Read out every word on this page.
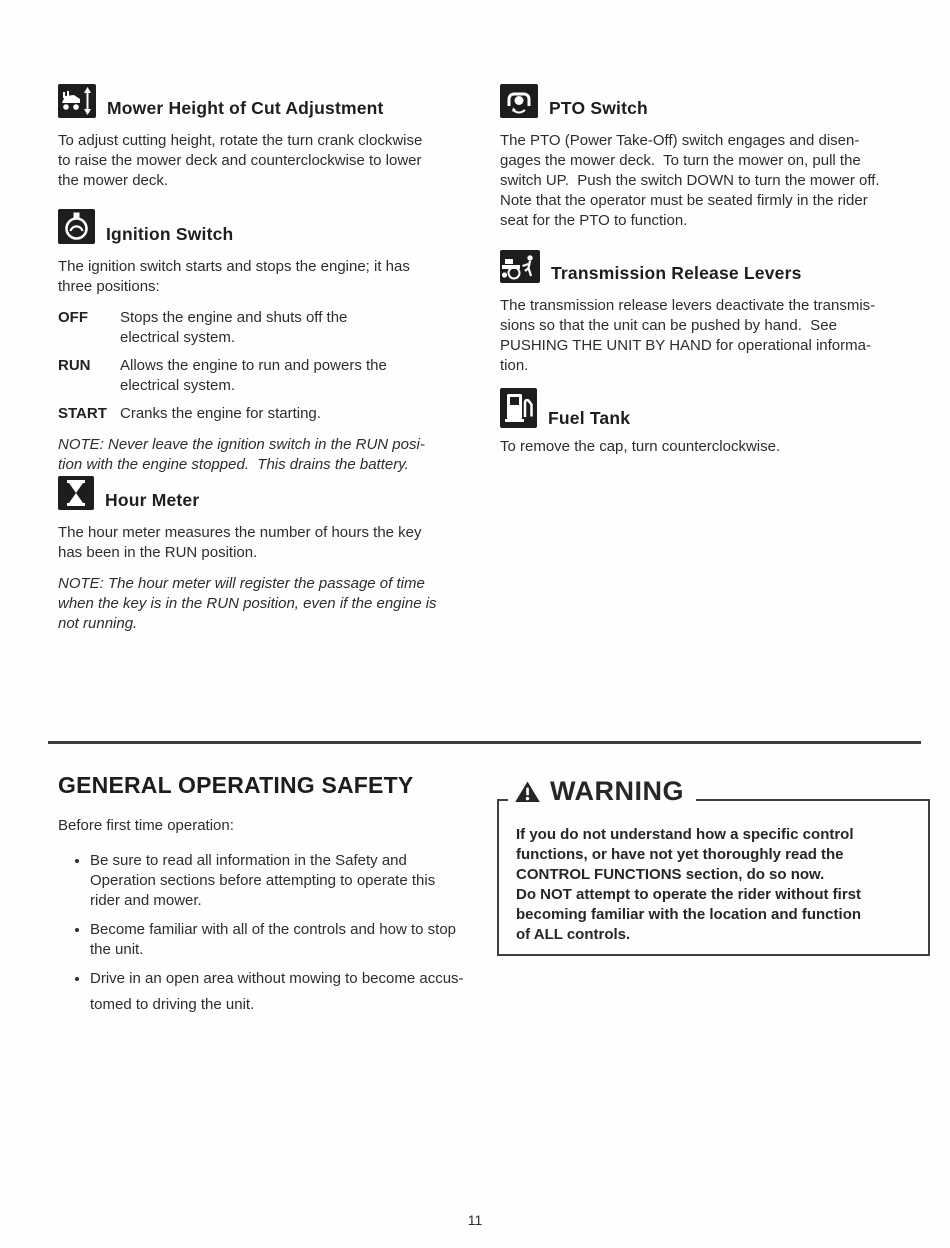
Mower Height of Cut Adjustment
To adjust cutting height, rotate the turn crank clockwise
to raise the mower deck and counterclockwise to lower
the mower deck.
Ignition Switch
The ignition switch starts and stops the engine; it has
three positions:
OFF	Stops the engine and shuts off the
electrical system.
RUN	Allows the engine to run and powers the
electrical system.
START Cranks the engine for starting.
NOTE: Never leave the ignition switch in the RUN posi-
tion with the engine stopped.  This drains the battery.
Hour Meter
The hour meter measures the number of hours the key
has been in the RUN position.
NOTE: The hour meter will register the passage of time
when the key is in the RUN position, even if the engine is
not running.
PTO Switch
The PTO (Power Take-Off) switch engages and disen-
gages the mower deck.  To turn the mower on, pull the
switch UP.  Push the switch DOWN to turn the mower off.
Note that the operator must be seated firmly in the rider
seat for the PTO to function.
Transmission Release Levers
The transmission release levers deactivate the transmis-
sions so that the unit can be pushed by hand.  See
PUSHING THE UNIT BY HAND for operational informa-
tion.
Fuel Tank
To remove the cap, turn counterclockwise.
GENERAL OPERATING SAFETY
Before first time operation:
• Be sure to read all information in the Safety and
Operation sections before attempting to operate this
rider and mower.
• Become familiar with all of the controls and how to stop
the unit.
• Drive in an open area without mowing to become accus-
tomed to driving the unit.
WARNING
If you do not understand how a specific control
functions, or have not yet thoroughly read the
CONTROL FUNCTIONS section, do so now.
Do NOT attempt to operate the rider without first
becoming familiar with the location and function
of ALL controls.
11
